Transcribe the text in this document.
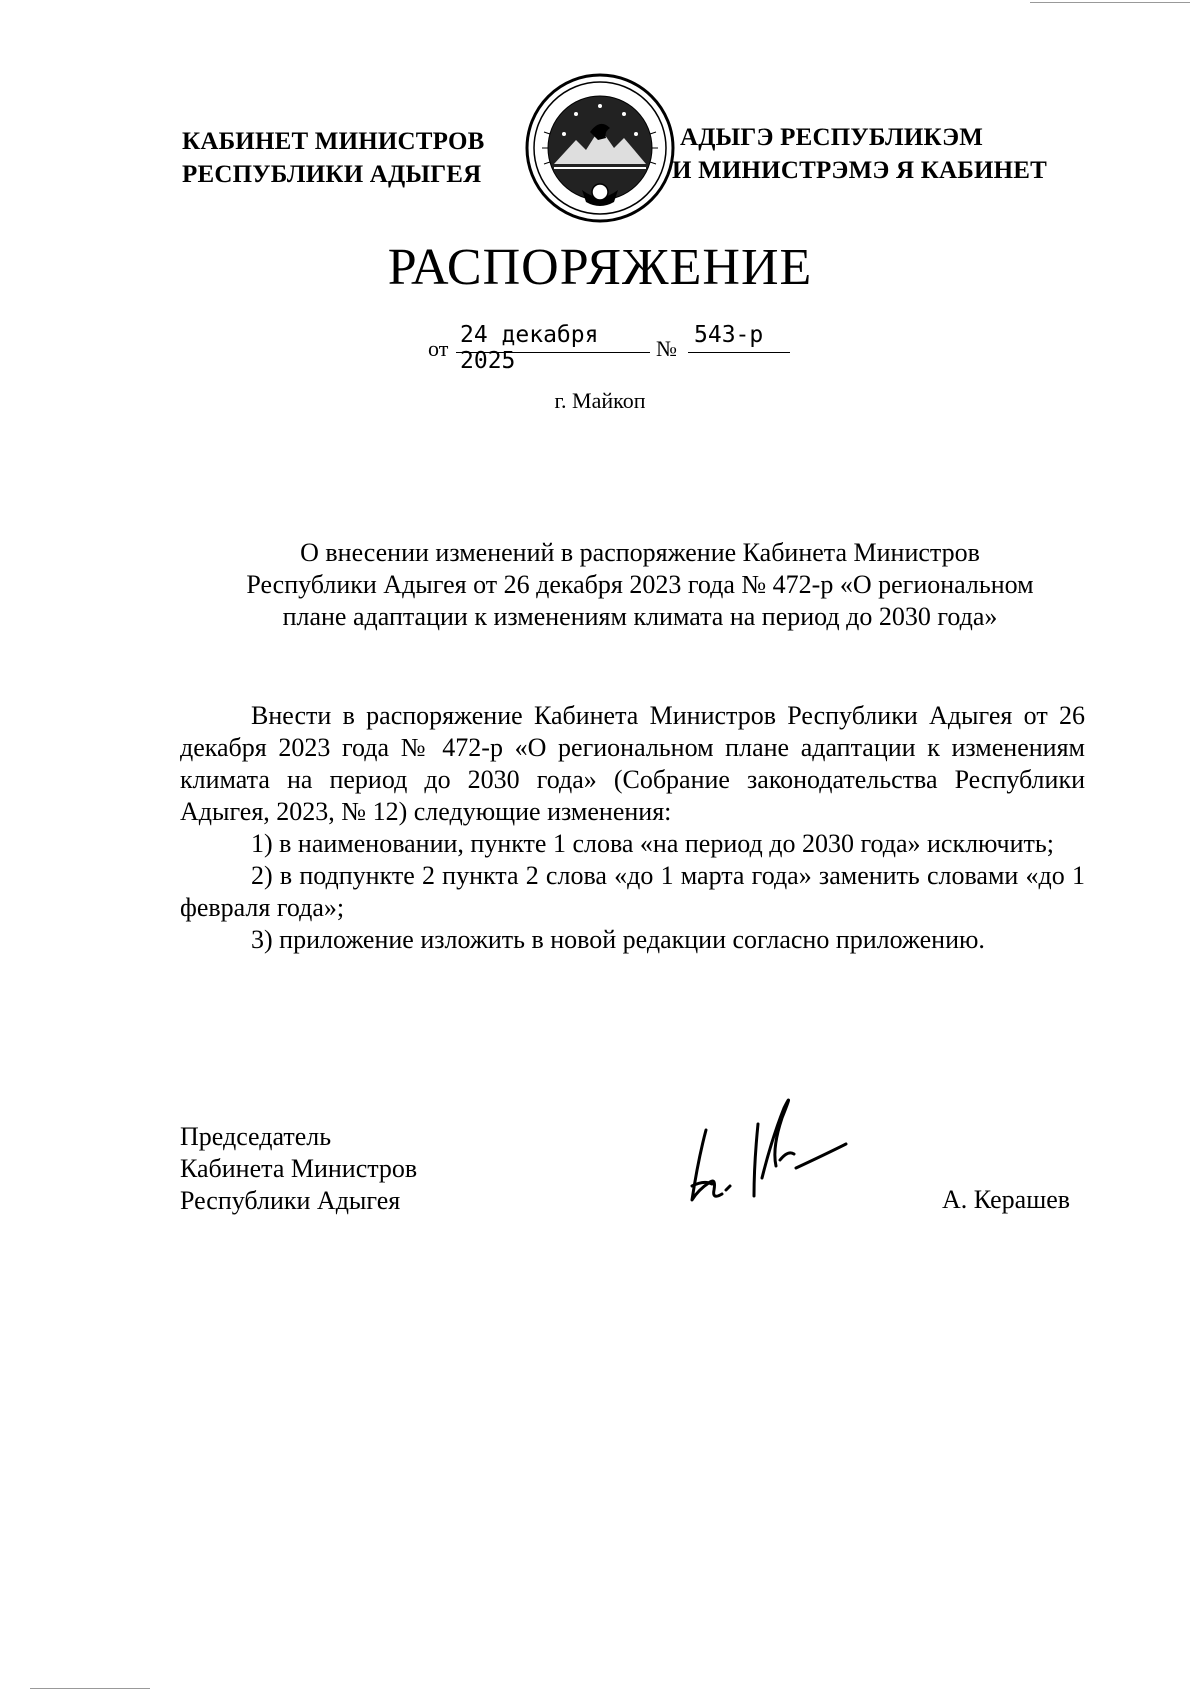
КАБИНЕТ МИНИСТРОВ
РЕСПУБЛИКИ АДЫГЕЯ
АДЫГЭ РЕСПУБЛИКЭМ
И МИНИСТРЭМЭ Я КАБИНЕТ
РАСПОРЯЖЕНИЕ
от
24 декабря 2025	№
543-р
г. Майкоп
О внесении изменений в распоряжение Кабинета Министров
Республики Адыгея от 26 декабря 2023 года № 472-р «О региональном
плане адаптации к изменениям климата на период до 2030 года»

Внести в распоряжение Кабинета Министров Республики Адыгея от 26 декабря 2023 года № 472-р «О региональном плане адаптации к изменениям климата на период до 2030 года» (Собрание законодательства Республики Адыгея, 2023, № 12) следующие изменения:

1) в наименовании, пункте 1 слова «на период до 2030 года» исключить;

2) в подпункте 2 пункта 2 слова «до 1 марта года» заменить словами «до 1 февраля года»;

3) приложение изложить в новой редакции согласно приложению.

Председатель
Кабинета Министров
Республики Адыгея	А. Керашев
